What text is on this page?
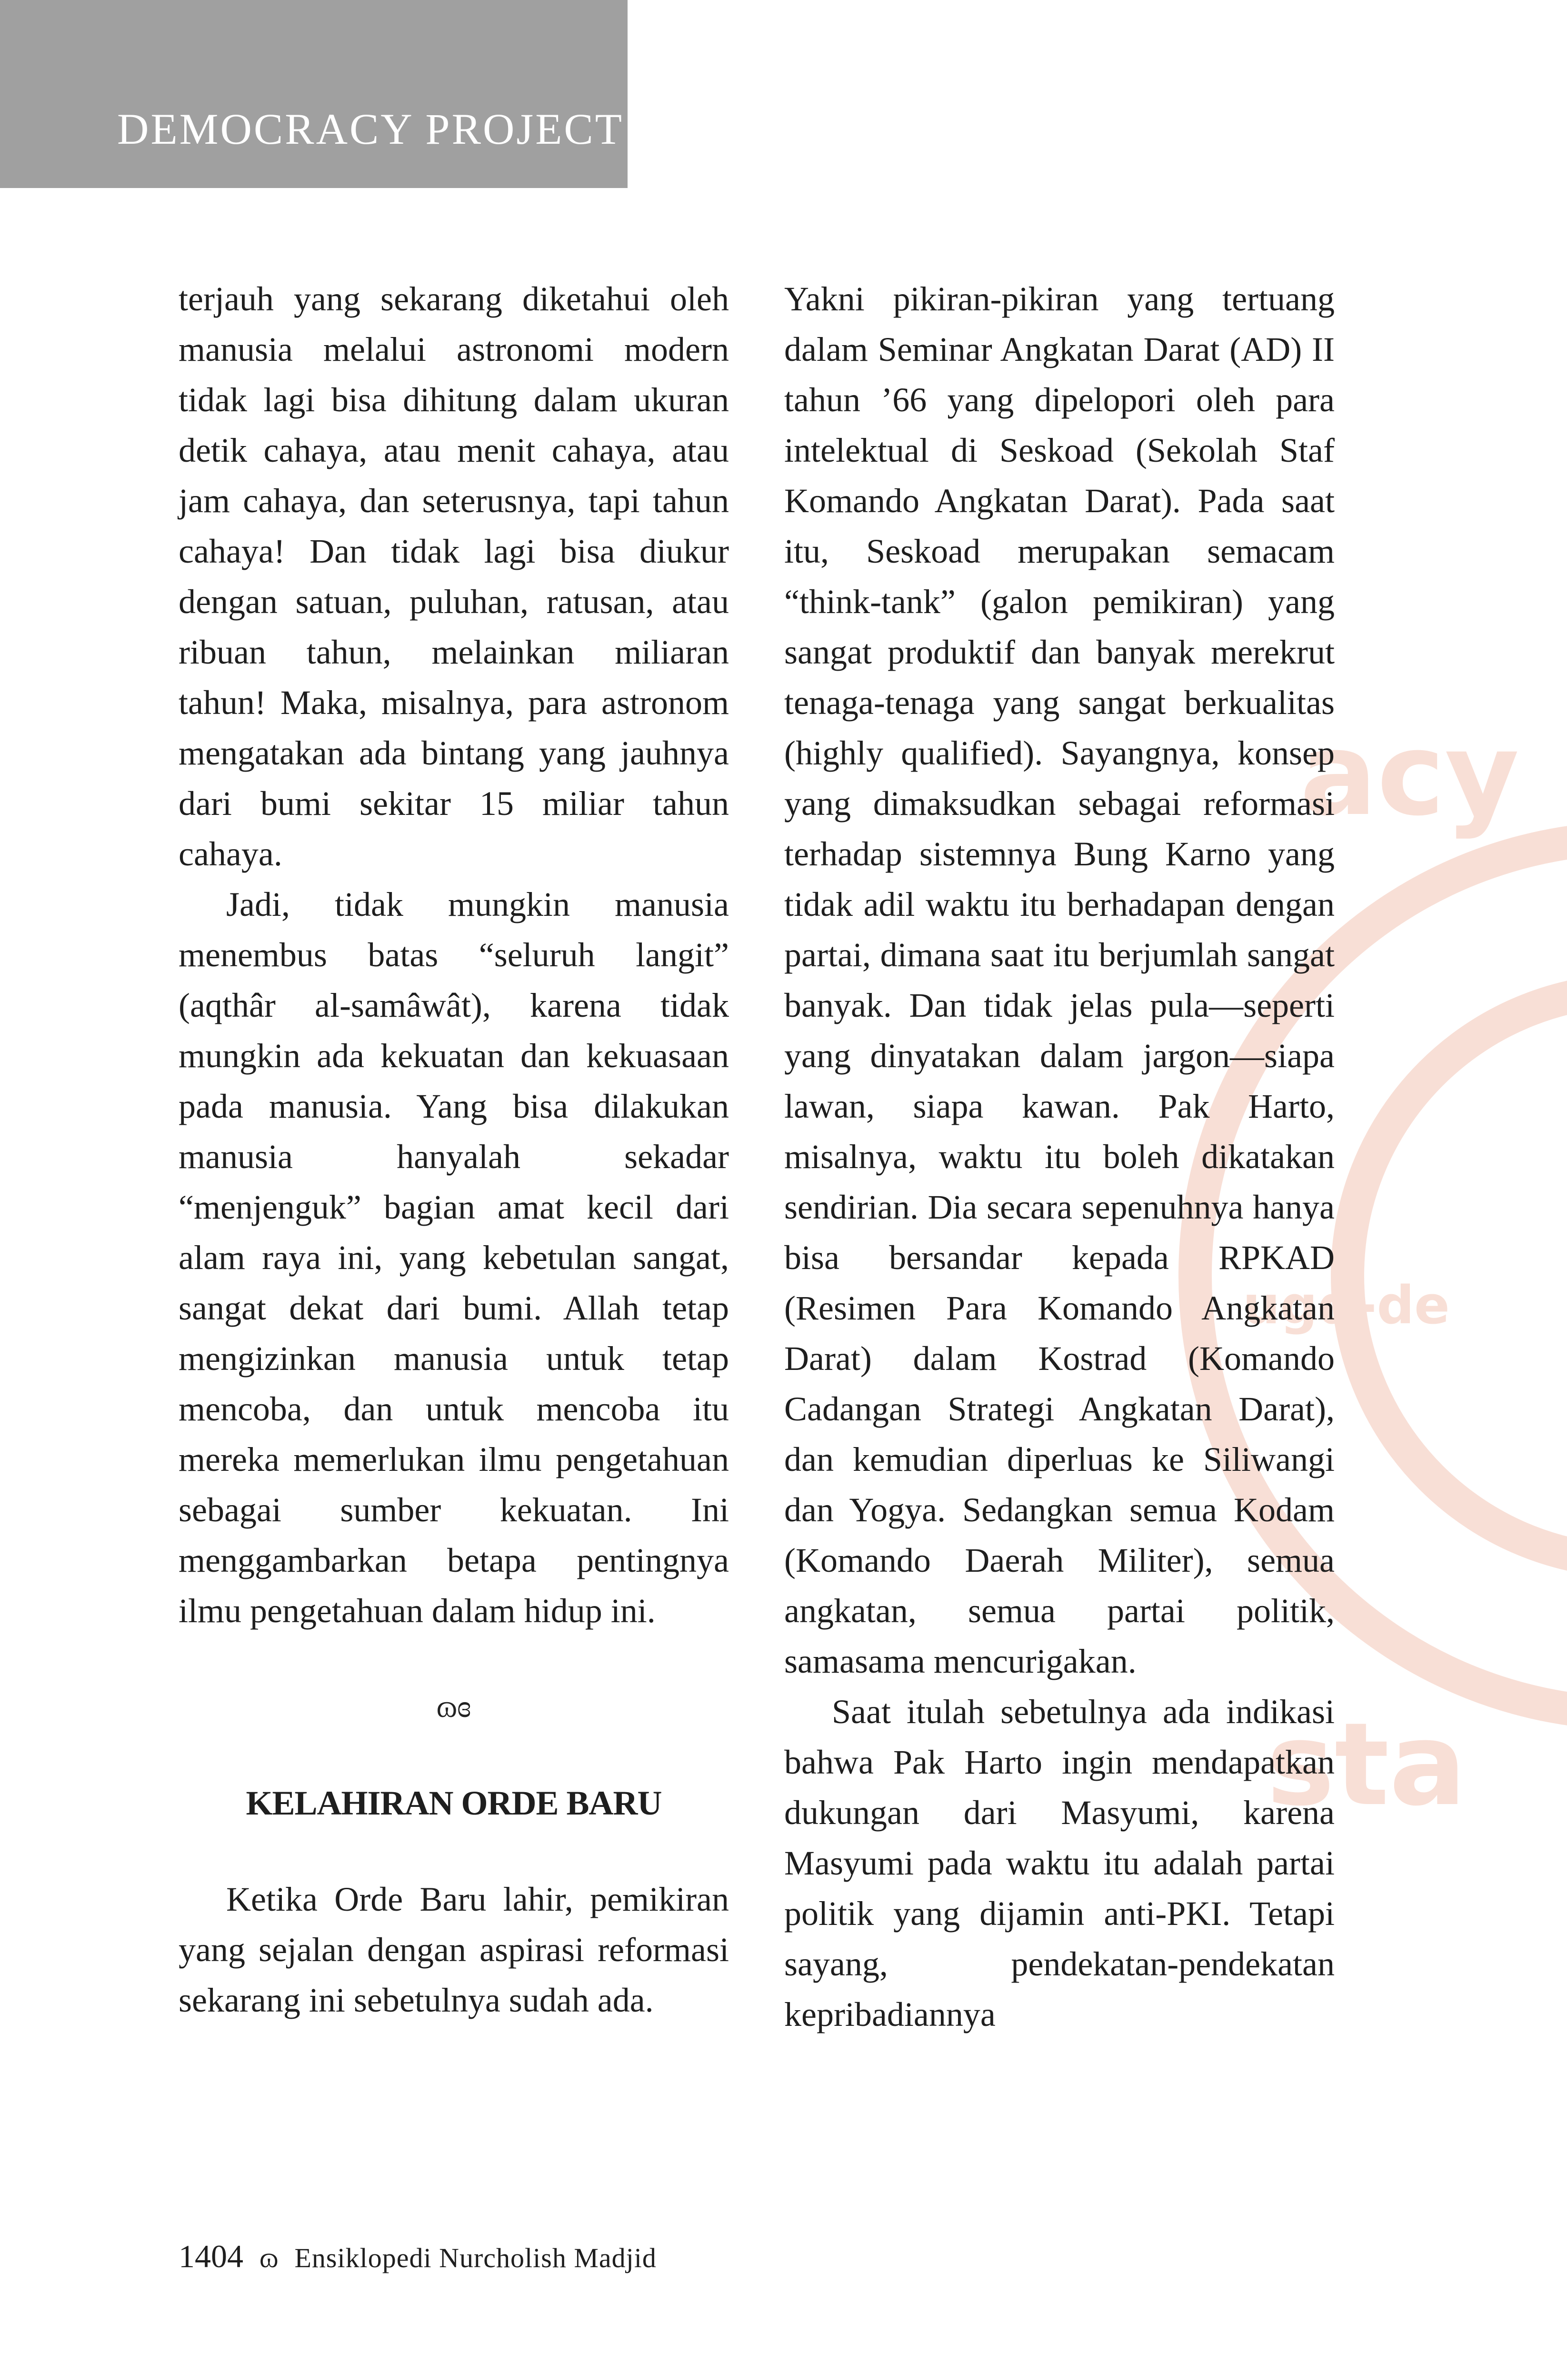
DEMOCRACY PROJECT
acy
ugd-de
sta

terjauh yang sekarang diketahui oleh manusia melalui astronomi modern tidak lagi bisa dihitung dalam ukuran detik cahaya, atau menit cahaya, atau jam cahaya, dan seterusnya, tapi tahun cahaya! Dan tidak lagi bisa diukur dengan satuan, puluhan, ratusan, atau ribuan tahun, melainkan miliaran tahun! Maka, misalnya, para astronom mengatakan ada bintang yang jauhnya dari bumi sekitar 15 miliar tahun cahaya.

Jadi, tidak mungkin manusia menembus batas “seluruh langit” (aqthâr al-samâwât), karena tidak mungkin ada kekuatan dan kekuasaan pada manusia. Yang bisa dilakukan manusia hanyalah sekadar “menjenguk” bagian amat kecil dari alam raya ini, yang kebetulan sangat, sangat dekat dari bumi. Allah tetap mengizinkan manusia untuk tetap mencoba, dan untuk mencoba itu mereka memerlukan ilmu pengetahuan sebagai sumber kekuatan. Ini menggambarkan betapa pentingnya ilmu pengetahuan dalam hidup ini.

ɷɞ
KELAHIRAN ORDE BARU

Ketika Orde Baru lahir, pemikiran yang sejalan dengan aspirasi reformasi sekarang ini sebetulnya sudah ada.

Yakni pikiran-pikiran yang tertuang dalam Seminar Angkatan Darat (AD) II tahun ’66 yang dipelopori oleh para intelektual di Seskoad (Sekolah Staf Komando Angkatan Darat). Pada saat itu, Seskoad merupakan semacam “think-tank” (galon pemikiran) yang sangat produktif dan banyak merekrut tenaga-tenaga yang sangat berkualitas (highly qualified). Sayangnya, konsep yang dimaksudkan sebagai reformasi terhadap sistemnya Bung Karno yang tidak adil waktu itu berhadapan dengan partai, dimana saat itu berjumlah sangat banyak. Dan tidak jelas pula—seperti yang dinyatakan dalam jargon—siapa lawan, siapa kawan. Pak Harto, misalnya, waktu itu boleh dikatakan sendirian. Dia secara sepenuhnya hanya bisa bersandar kepada RPKAD (Resimen Para Komando Angkatan Darat) dalam Kostrad (Komando Cadangan Strategi Angkatan Darat), dan kemudian diperluas ke Siliwangi dan Yogya. Sedangkan semua Kodam (Komando Daerah Militer), semua angkatan, semua partai politik, samasama mencurigakan.

Saat itulah sebetulnya ada indikasi bahwa Pak Harto ingin mendapatkan dukungan dari Masyumi, karena Masyumi pada waktu itu adalah partai politik yang dijamin anti-PKI. Tetapi sayang, pendekatan-pendekatan kepribadiannya

1404 ɷ Ensiklopedi Nurcholish Madjid
